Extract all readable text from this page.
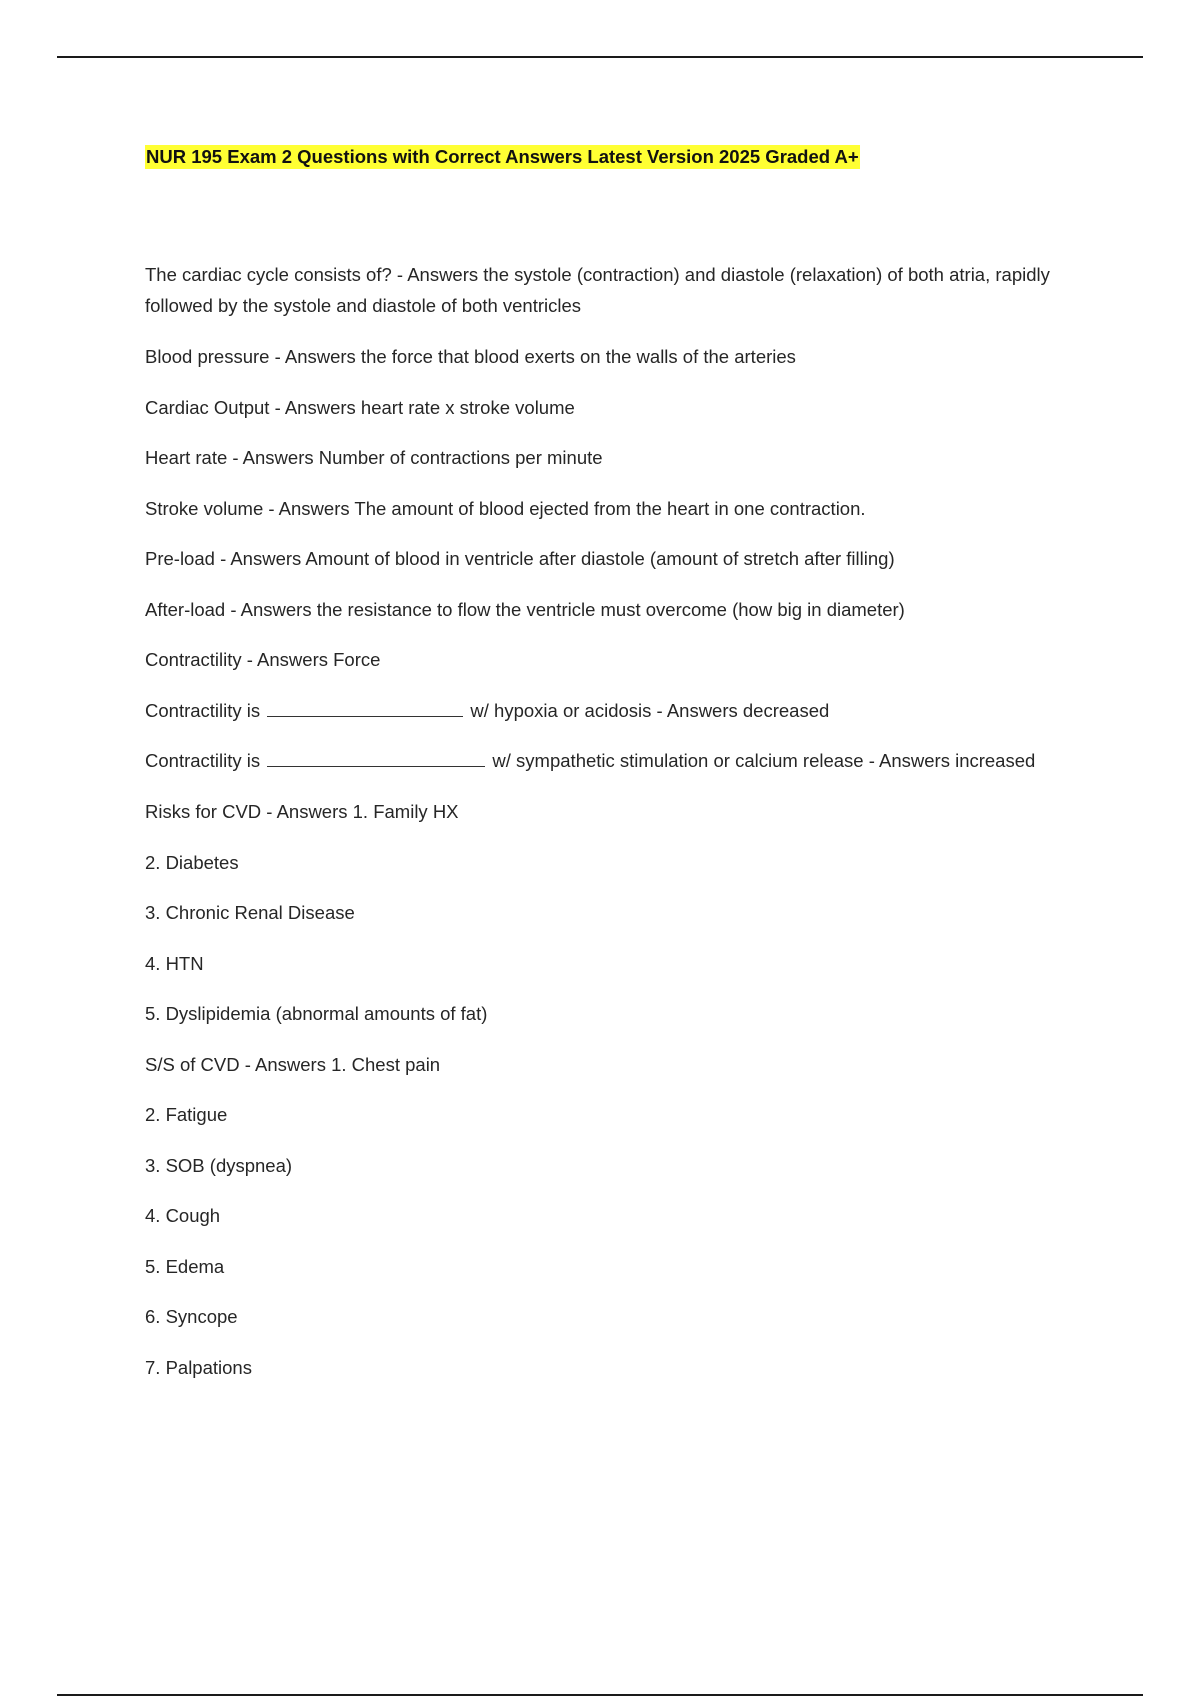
NUR 195 Exam 2 Questions with Correct Answers Latest Version 2025 Graded A+

The cardiac cycle consists of? - Answers the systole (contraction) and diastole (relaxation) of both atria, rapidly followed by the systole and diastole of both ventricles

Blood pressure - Answers the force that blood exerts on the walls of the arteries

Cardiac Output - Answers heart rate x stroke volume

Heart rate - Answers Number of contractions per minute

Stroke volume - Answers The amount of blood ejected from the heart in one contraction.

Pre-load - Answers Amount of blood in ventricle after diastole (amount of stretch after filling)

After-load - Answers the resistance to flow the ventricle must overcome (how big in diameter)

Contractility - Answers Force

Contractility is	w/ hypoxia or acidosis - Answers decreased

Contractility is	w/ sympathetic stimulation or calcium release - Answers increased

Risks for CVD - Answers 1. Family HX

2. Diabetes

3. Chronic Renal Disease

4. HTN

5. Dyslipidemia (abnormal amounts of fat)

S/S of CVD - Answers 1. Chest pain

2. Fatigue

3. SOB (dyspnea)

4. Cough

5. Edema

6. Syncope

7. Palpations
